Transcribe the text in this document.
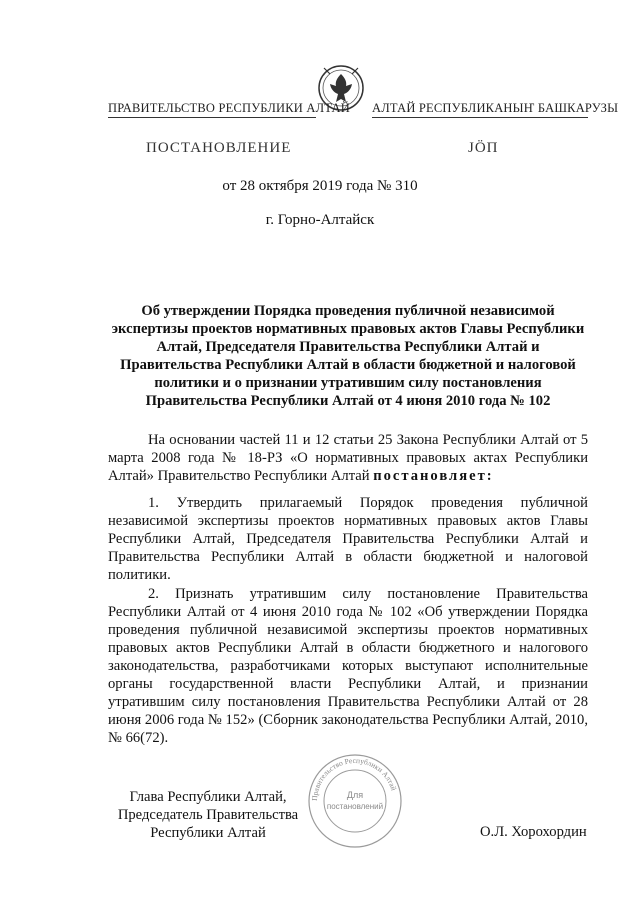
ПРАВИТЕЛЬСТВО РЕСПУБЛИКИ АЛТАЙ АЛТАЙ РЕСПУБЛИКАНЫҤ БАШКАРУЗЫ
ПОСТАНОВЛЕНИЕ	ЈӦП
от 28 октября 2019 года № 310
г. Горно-Алтайск
Об утверждении Порядка проведения публичной независимой экспертизы проектов нормативных правовых актов Главы Республики Алтай, Председателя Правительства Республики Алтай и Правительства Республики Алтай в области бюджетной и налоговой политики и о признании утратившим силу постановления Правительства Республики Алтай от 4 июня 2010 года № 102
На основании частей 11 и 12 статьи 25 Закона Республики Алтай от 5 марта 2008 года № 18-РЗ «О нормативных правовых актах Республики Алтай» Правительство Республики Алтай постановляет:
1. Утвердить прилагаемый Порядок проведения публичной независимой экспертизы проектов нормативных правовых актов Главы Республики Алтай, Председателя Правительства Республики Алтай и Правительства Республики Алтай в области бюджетной и налоговой политики.
2. Признать утратившим силу постановление Правительства Республики Алтай от 4 июня 2010 года № 102 «Об утверждении Порядка проведения публичной независимой экспертизы проектов нормативных правовых актов Республики Алтай в области бюджетного и налогового законодательства, разработчиками которых выступают исполнительные органы государственной власти Республики Алтай, и признании утратившим силу постановления Правительства Республики Алтай от 28 июня 2006 года № 152» (Сборник законодательства Республики Алтай, 2010, № 66(72).
Глава Республики Алтай,
Председатель Правительства
Республики Алтай	О.Л. Хорохордин
Правительство Республики Алтай
Для
постановлений
